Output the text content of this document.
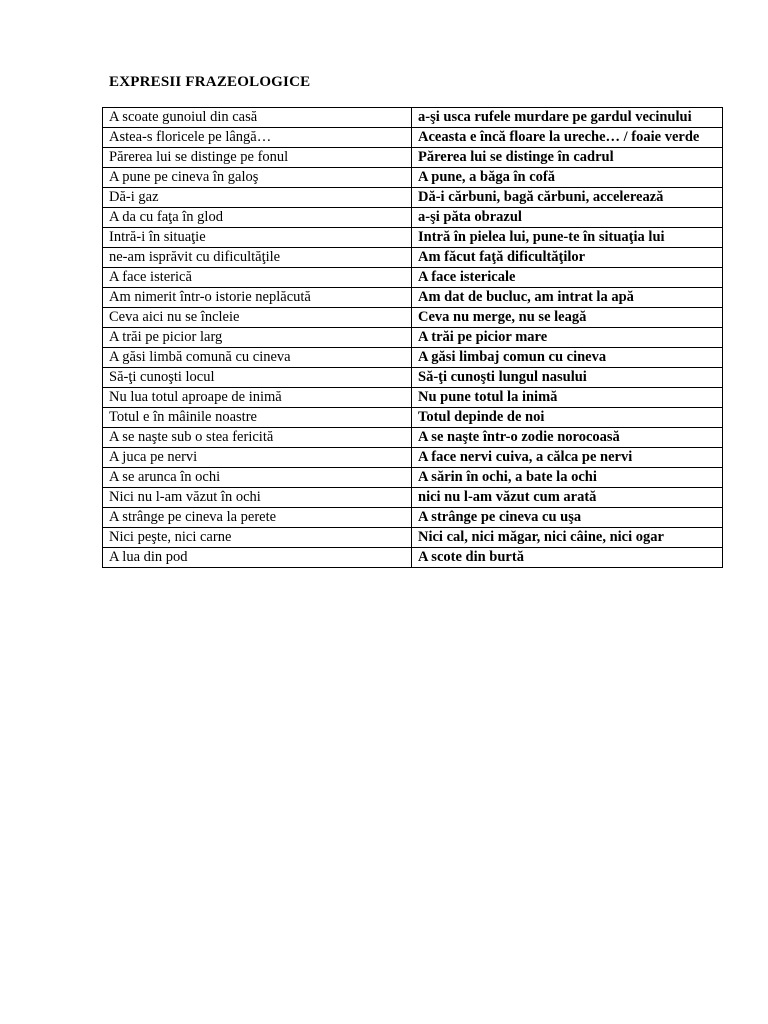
EXPRESII FRAZEOLOGICE
A scoate gunoiul din casă	a-şi usca rufele murdare pe gardul vecinului
Astea-s floricele pe lângă…	Aceasta e încă floare la ureche… / foaie verde
Părerea lui se distinge pe fonul	Părerea lui se distinge în cadrul
A pune pe cineva în galoş	A pune, a băga în cofă
Dă-i gaz	Dă-i cărbuni, bagă cărbuni, accelerează
A da cu faţa în glod	a-şi păta obrazul
Intră-i în situaţie	Intră în pielea lui, pune-te în situaţia lui
ne-am isprăvit cu dificultăţile	Am făcut faţă dificultăţilor
A face isterică	A face istericale
Am nimerit într-o istorie neplăcută	Am dat de bucluc, am intrat la apă
Ceva aici nu se încleie	Ceva nu merge, nu se leagă
A trăi pe picior larg	A trăi pe picior mare
A găsi limbă comună cu cineva	A găsi limbaj comun cu cineva
Să-ţi cunoşti locul	Să-ţi cunoşti lungul nasului
Nu lua totul aproape de inimă	Nu pune totul la inimă
Totul e în mâinile noastre	Totul depinde de noi
A se naşte sub o stea fericită	A se naşte într-o zodie norocoasă
A juca pe nervi	A face nervi cuiva, a călca pe nervi
A se arunca în ochi	A sărin în ochi, a bate la ochi
Nici nu l-am văzut în ochi	nici nu l-am văzut cum arată
A strânge pe cineva la perete	A strânge pe cineva cu uşa
Nici peşte, nici carne	Nici cal, nici măgar, nici câine, nici ogar
A lua din pod	A scote din burtă
